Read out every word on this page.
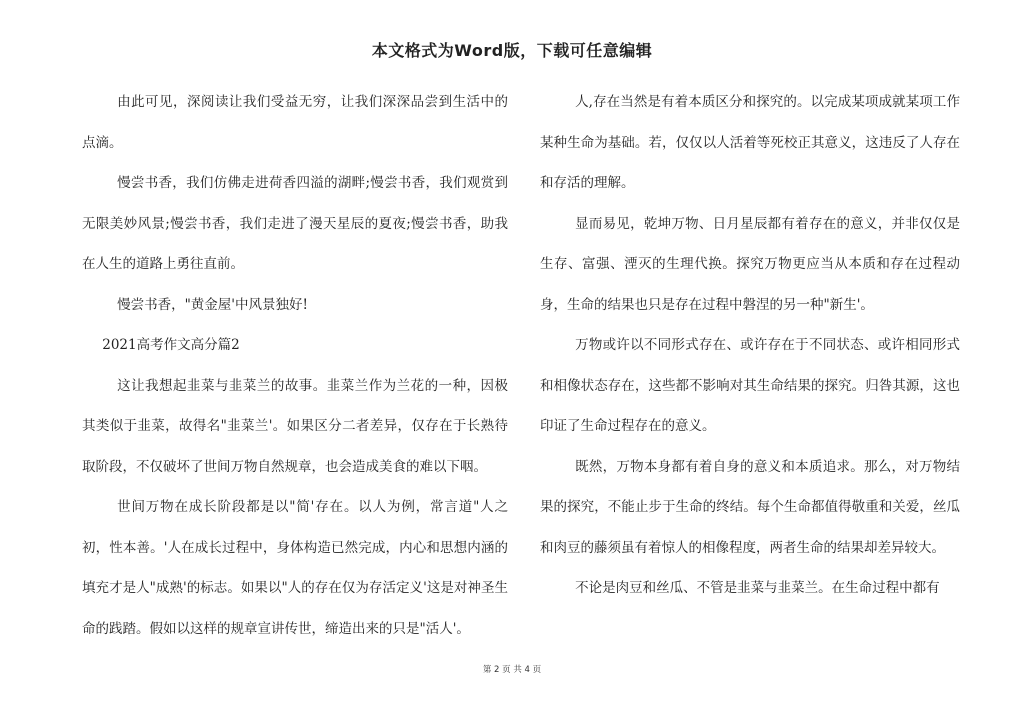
本文格式为Word版，下载可任意编辑

由此可见，深阅读让我们受益无穷，让我们深深品尝到生活中的点滴。

慢尝书香，我们仿佛走进荷香四溢的湖畔;慢尝书香，我们观赏到无限美妙风景;慢尝书香，我们走进了漫天星辰的夏夜;慢尝书香，助我在人生的道路上勇往直前。

慢尝书香，"黄金屋'中风景独好!

2021高考作文高分篇2

这让我想起韭菜与韭菜兰的故事。韭菜兰作为兰花的一种，因极其类似于韭菜，故得名"韭菜兰'。如果区分二者差异，仅存在于长熟待取阶段，不仅破坏了世间万物自然规章，也会造成美食的难以下咽。

世间万物在成长阶段都是以"简'存在。以人为例，常言道"人之初，性本善。'人在成长过程中，身体构造已然完成，内心和思想内涵的填充才是人"成熟'的标志。如果以"人的存在仅为存活定义'这是对神圣生命的践踏。假如以这样的规章宣讲传世，缔造出来的只是"活人'。

人,存在当然是有着本质区分和探究的。以完成某项成就某项工作某种生命为基础。若，仅仅以人活着等死校正其意义，这违反了人存在和存活的理解。

显而易见，乾坤万物、日月星辰都有着存在的意义，并非仅仅是生存、富强、湮灭的生理代换。探究万物更应当从本质和存在过程动身，生命的结果也只是存在过程中磐涅的另一种"新生'。

万物或许以不同形式存在、或许存在于不同状态、或许相同形式和相像状态存在，这些都不影响对其生命结果的探究。归咎其源，这也印证了生命过程存在的意义。

既然，万物本身都有着自身的意义和本质追求。那么，对万物结果的探究，不能止步于生命的终结。每个生命都值得敬重和关爱，丝瓜和肉豆的藤须虽有着惊人的相像程度，两者生命的结果却差异较大。

不论是肉豆和丝瓜、不管是韭菜与韭菜兰。在生命过程中都有

第 2 页 共 4 页
